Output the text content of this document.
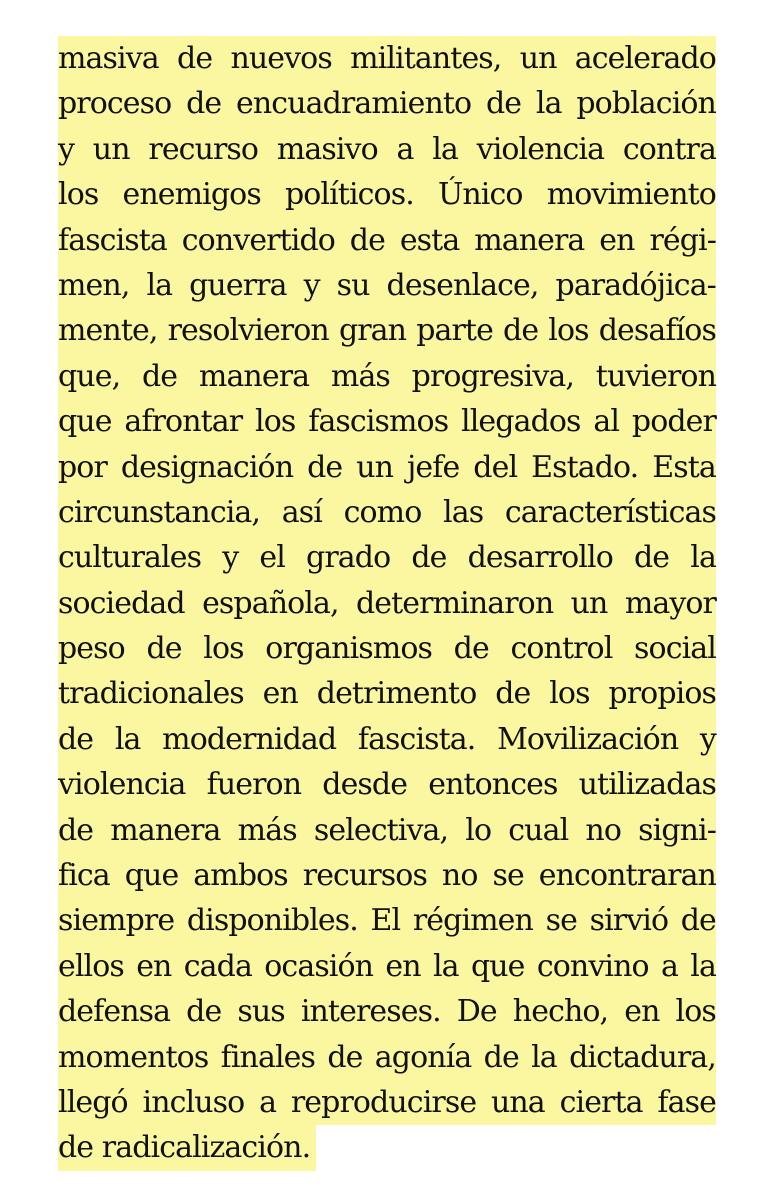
masiva de nuevos militantes, un acelerado
proceso de encuadramiento de la población
y un recurso masivo a la violencia contra
los enemigos políticos. Único movimiento
fascista convertido de esta manera en régi-
men, la guerra y su desenlace, paradójica-
mente, resolvieron gran parte de los desafíos
que, de manera más progresiva, tuvieron
que afrontar los fascismos llegados al poder
por designación de un jefe del Estado. Esta
circunstancia, así como las características
culturales y el grado de desarrollo de la
sociedad española, determinaron un mayor
peso de los organismos de control social
tradicionales en detrimento de los propios
de la modernidad fascista. Movilización y
violencia fueron desde entonces utilizadas
de manera más selectiva, lo cual no signi-
fica que ambos recursos no se encontraran
siempre disponibles. El régimen se sirvió de
ellos en cada ocasión en la que convino a la
defensa de sus intereses. De hecho, en los
momentos finales de agonía de la dictadura,
llegó incluso a reproducirse una cierta fase
de radicalización.
